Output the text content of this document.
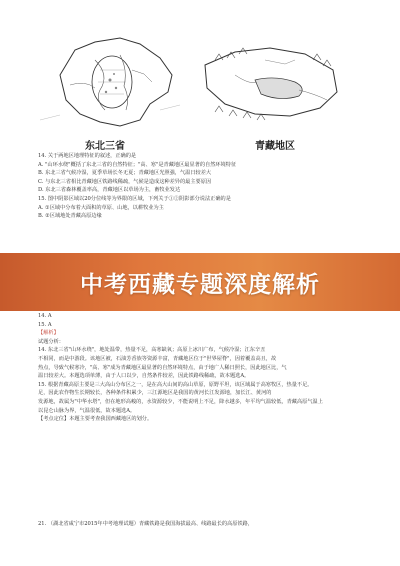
东北三省	青藏地区
14. 关于两地区地理特征的叙述，正确的是
A. "山环水绕"概括了东北三省的自然特征；"高、寒"是青藏地区最显著的自然环境特征
B. 东北三省气候冷湿，夏季草场长冬无夏；青藏地区光照强，气温日较差大
C. 与东北三省相比青藏地区铁路线稀疏，气候是造成这种差异的最主要原因
D. 东北三省森林覆盖率高，青藏地区以草场为主，畜牧业发达
15. 图中阴影区域以20分位线等为界限的区域，下列关于①②阴影部分说法正确的是
A. ①区域中分布着大面积的草原、山地，以耕牧业为主
B. ②区域地处青藏高原边缘
中考西藏专题深度解析
14. A
15. A
【解析】
试题分析：
14. 东北三省"山环水绕"，地处温带，热量不足，高寒缺氧；高原上冰川广布，气候冷湿；江东辛丑
不相同，而是中游段。该地区被，石油芳香族等资源丰富，青藏地区位于"世界屋脊"，因着覆盖高且，故
热点，导致气候寒冷，"高、寒"成为青藏地区最显著的自然环境特点，由于地广人稀日照长，因此地区比，气
温日较差大。本题选项单薄，由于人口以少，自然条件较差，因此铁路线稀疏，故本题选A。
15. 根据青藏高原主要是三大高山分布区之一，是在高大山间的高山草原，原野平坦，该区域属于高寒牧区，热量不足。
足，因此农作物生长期较长，各种条件积累少，三江源地区是我国的黄河长江发源地，加长江、黄河的
发源地，故属为"中华水塔"，但在地形高峻的，水资源较少，不能说明上不足，降水越多，年平均气温较低，青藏高原气温上
以昆仑山脉为界，气温很低，故本题选A。
【考点定位】本题主要考查我国西藏地区的划分。
21. （湖北省咸宁市2015年中考地理试题）青藏铁路是我国海拔最高、线路最长的高原铁路，
